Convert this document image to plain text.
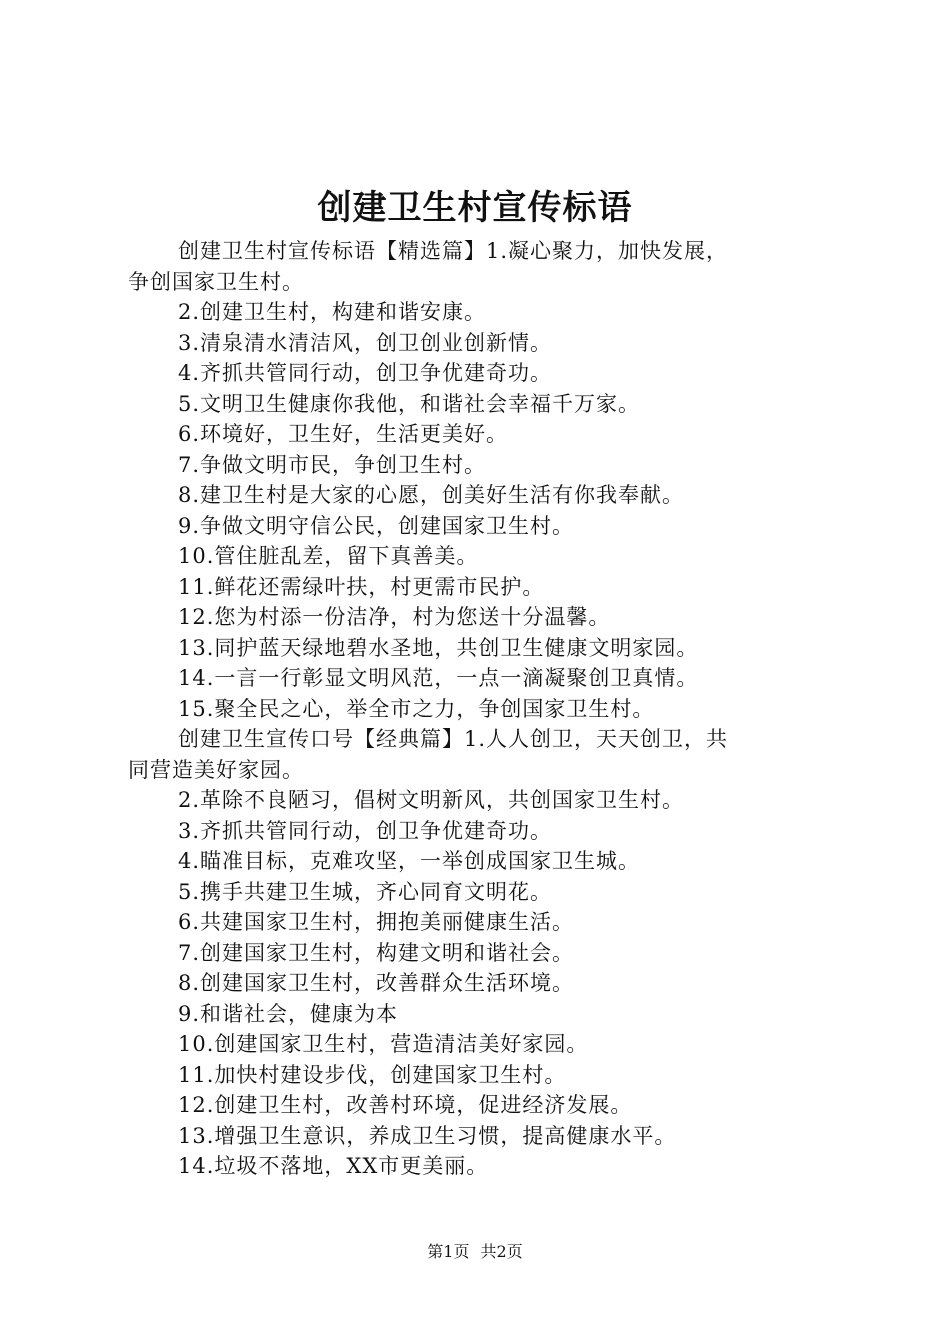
创建卫生村宣传标语

创建卫生村宣传标语【精选篇】1.凝心聚力，加快发展，

争创国家卫生村。

2.创建卫生村，构建和谐安康。

3.清泉清水清洁风，创卫创业创新情。

4.齐抓共管同行动，创卫争优建奇功。

5.文明卫生健康你我他，和谐社会幸福千万家。

6.环境好，卫生好，生活更美好。

7.争做文明市民，争创卫生村。

8.建卫生村是大家的心愿，创美好生活有你我奉献。

9.争做文明守信公民，创建国家卫生村。

10.管住脏乱差，留下真善美。

11.鲜花还需绿叶扶，村更需市民护。

12.您为村添一份洁净，村为您送十分温馨。

13.同护蓝天绿地碧水圣地，共创卫生健康文明家园。

14.一言一行彰显文明风范，一点一滴凝聚创卫真情。

15.聚全民之心，举全市之力，争创国家卫生村。

创建卫生宣传口号【经典篇】1.人人创卫，天天创卫，共

同营造美好家园。

2.革除不良陋习，倡树文明新风，共创国家卫生村。

3.齐抓共管同行动，创卫争优建奇功。

4.瞄准目标，克难攻坚，一举创成国家卫生城。

5.携手共建卫生城，齐心同育文明花。

6.共建国家卫生村，拥抱美丽健康生活。

7.创建国家卫生村，构建文明和谐社会。

8.创建国家卫生村，改善群众生活环境。

9.和谐社会，健康为本

10.创建国家卫生村，营造清洁美好家园。

11.加快村建设步伐，创建国家卫生村。

12.创建卫生村，改善村环境，促进经济发展。

13.增强卫生意识，养成卫生习惯，提高健康水平。

14.垃圾不落地，XX市更美丽。

第1页 共2页
